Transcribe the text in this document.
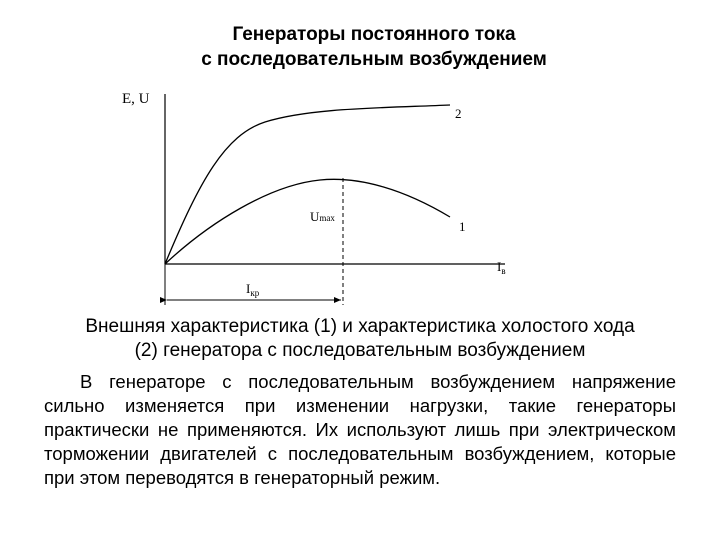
Генераторы постоянного тока
с последовательным возбуждением
E, U
2
1
Umax
Iв
Iкр
Внешняя характеристика (1) и характеристика холостого хода
(2) генератора с последовательным возбуждением
В генераторе с последовательным возбуждением напряжение сильно изменяется при изменении нагрузки, такие генераторы практически не применяются. Их используют лишь при электрическом торможении двигателей с последовательным возбуждением, которые при этом переводятся в генераторный режим.
